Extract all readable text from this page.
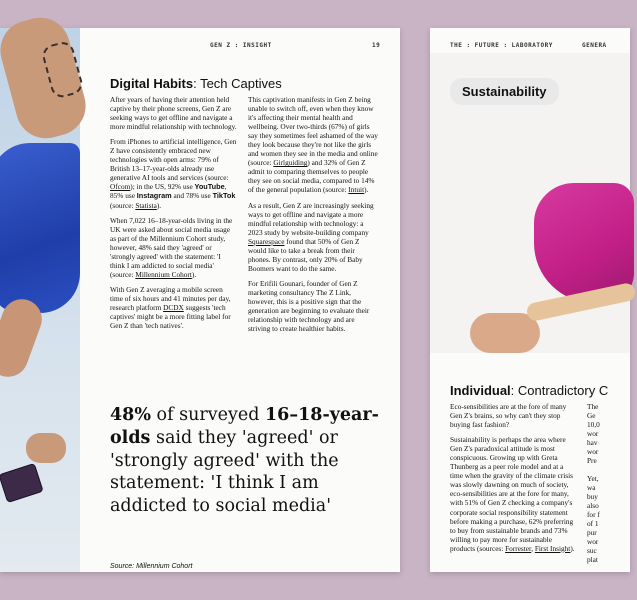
GEN Z : INSIGHT	19
Digital Habits: Tech Captives

After years of having their attention held captive by their phone screens, Gen Z are seeking ways to get offline and navigate a more mindful relationship with technology.

From iPhones to artificial intelligence, Gen Z have consistently embraced new technologies with open arms: 79% of British 13–17-year-olds already use generative AI tools and services (source: Ofcom); in the US, 92% use YouTube, 85% use Instagram and 78% use TikTok (source: Statista).

When 7,022 16–18-year-olds living in the UK were asked about social media usage as part of the Millennium Cohort study, however, 48% said they 'agreed' or 'strongly agreed' with the statement: 'I think I am addicted to social media' (source: Millennium Cohort).

With Gen Z averaging a mobile screen time of six hours and 41 minutes per day, research platform DCDX suggests 'tech captives' might be a more fitting label for Gen Z than 'tech natives'.

This captivation manifests in Gen Z being unable to switch off, even when they know it's affecting their mental health and wellbeing. Over two-thirds (67%) of girls say they sometimes feel ashamed of the way they look because they're not like the girls and women they see in the media and online (source: Girlguiding) and 32% of Gen Z admit to comparing themselves to people they see on social media, compared to 14% of the general population (source: Intuit).

As a result, Gen Z are increasingly seeking ways to get offline and navigate a more mindful relationship with technology: a 2023 study by website-building company Squarespace found that 50% of Gen Z would like to take a break from their phones. By contrast, only 20% of Baby Boomers want to do the same.

For Erifili Gounari, founder of Gen Z marketing consultancy The Z Link, however, this is a positive sign that the generation are beginning to evaluate their relationship with technology and are striving to create healthier habits.

48% of surveyed 16–18-year-olds said they 'agreed' or 'strongly agreed' with the statement: 'I think I am addicted to social media'
Source: Millennium Cohort
THE : FUTURE : LABORATORY	GENERA
Sustainability
Individual: Contradictory C

Eco-sensibilities are at the fore of many Gen Z's brains, so why can't they stop buying fast fashion?

Sustainability is perhaps the area where Gen Z's paradoxical attitude is most conspicuous. Growing up with Greta Thunberg as a peer role model and at a time when the gravity of the climate crisis was slowly dawning on much of society, eco-sensibilities are at the fore for many, with 51% of Gen Z checking a company's corporate social responsibility statement before making a purchase, 62% preferring to buy from sustainable brands and 73% willing to pay more for sustainable products (sources: Forrester, First Insight).

The
Ge
10,0
wor
hav
wor
Pre
Yet,
wa
buy
also
for f
of 1
pur
wor
suc
plat
